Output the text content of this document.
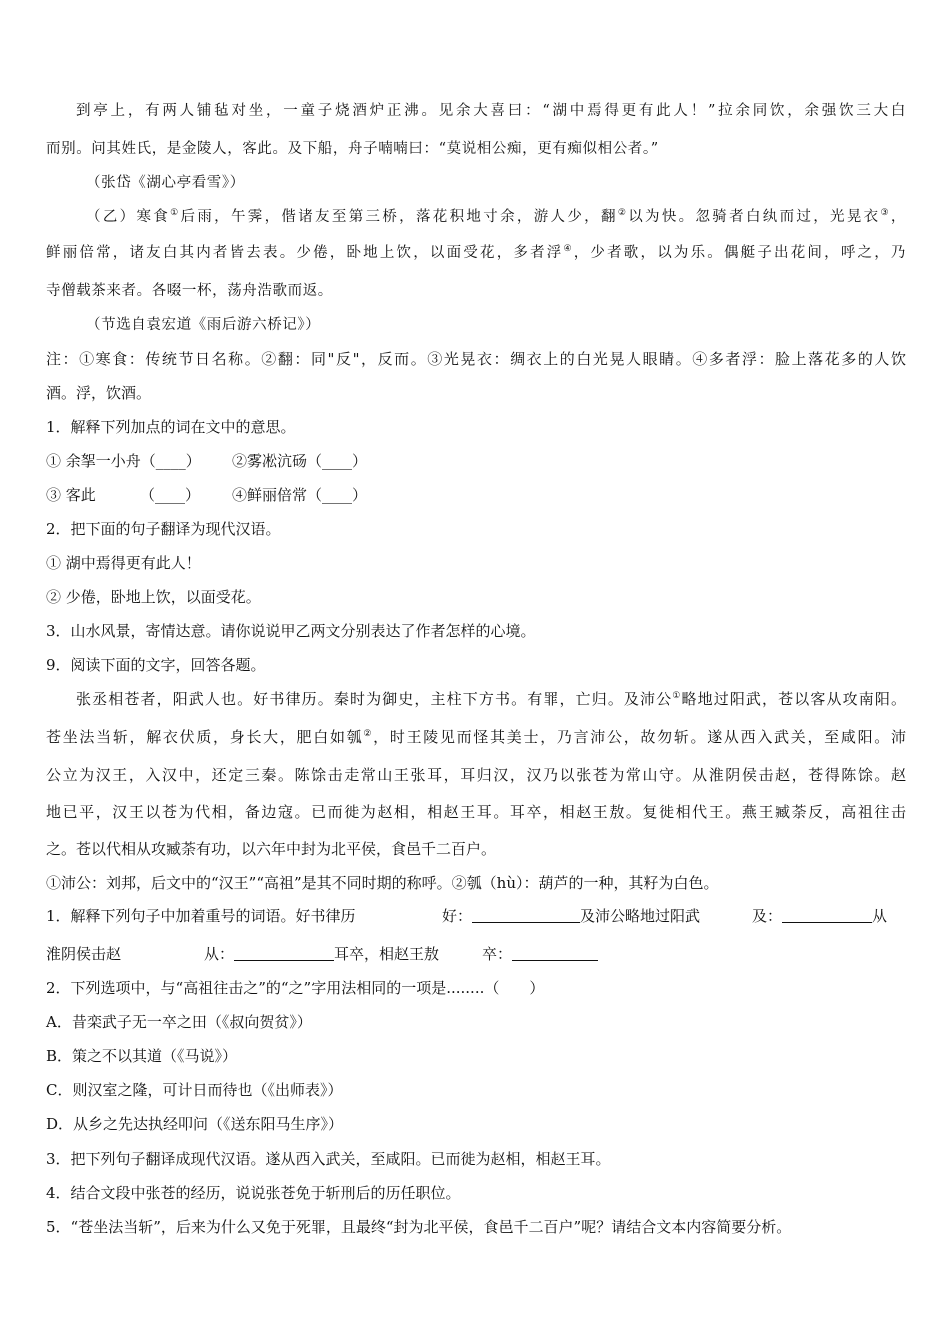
到亭上，有两人铺毡对坐，一童子烧酒炉正沸。见余大喜曰：“湖中焉得更有此人！”拉余同饮，余强饮三大白
而别。问其姓氏，是金陵人，客此。及下船，舟子喃喃曰：“莫说相公痴，更有痴似相公者。”
（张岱《湖心亭看雪》）
（乙）寒食①后雨，午霁，偕诸友至第三桥，落花积地寸余，游人少，翻②以为快。忽骑者白纨而过，光晃衣③，
鲜丽倍常，诸友白其内者皆去表。少倦，卧地上饮，以面受花，多者浮④，少者歌，以为乐。偶艇子出花间，呼之，乃
寺僧载茶来者。各啜一杯，荡舟浩歌而返。
（节选自袁宏道《雨后游六桥记》）
注：①寒食：传统节日名称。②翻：同"反"，反而。③光晃衣：绸衣上的白光晃人眼睛。④多者浮：脸上落花多的人饮
酒。浮，饮酒。
1．解释下列加点的词在文中的意思。
① 余挐一小舟（____） ②雾凇沆砀（____）
③ 客此	（____） ④鲜丽倍常（____）
2．把下面的句子翻译为现代汉语。
① 湖中焉得更有此人！
② 少倦，卧地上饮，以面受花。
3．山水风景，寄情达意。请你说说甲乙两文分别表达了作者怎样的心境。
9．阅读下面的文字，回答各题。
张丞相苍者，阳武人也。好书律历。秦时为御史，主柱下方书。有罪，亡归。及沛公①略地过阳武，苍以客从攻南阳。
苍坐法当斩，解衣伏质，身长大，肥白如瓠②，时王陵见而怪其美士，乃言沛公，故勿斩。遂从西入武关，至咸阳。沛
公立为汉王，入汉中，还定三秦。陈馀击走常山王张耳，耳归汉，汉乃以张苍为常山守。从淮阴侯击赵，苍得陈馀。赵
地已平，汉王以苍为代相，备边寇。已而徙为赵相，相赵王耳。耳卒，相赵王敖。复徙相代王。燕王臧荼反，高祖往击
之。苍以代相从攻臧荼有功，以六年中封为北平侯，食邑千二百户。
①沛公：刘邦，后文中的“汉王”“高祖”是其不同时期的称呼。②瓠（hù）：葫芦的一种，其籽为白色。
1．解释下列句子中加着重号的词语。好书律历	好：	及沛公略地过阳武	及：	从
淮阴侯击赵	从：	耳卒，相赵王敖	卒：
2．下列选项中，与“高祖往击之”的“之”字用法相同的一项是........（　　）
A．昔栾武子无一卒之田（《叔向贺贫》）
B．策之不以其道（《马说》）
C．则汉室之隆，可计日而待也（《出师表》）
D．从乡之先达执经叩问（《送东阳马生序》）
3．把下列句子翻译成现代汉语。遂从西入武关，至咸阳。已而徙为赵相，相赵王耳。
4．结合文段中张苍的经历，说说张苍免于斩刑后的历任职位。
5．“苍坐法当斩”，后来为什么又免于死罪，且最终“封为北平侯，食邑千二百户”呢？请结合文本内容简要分析。
